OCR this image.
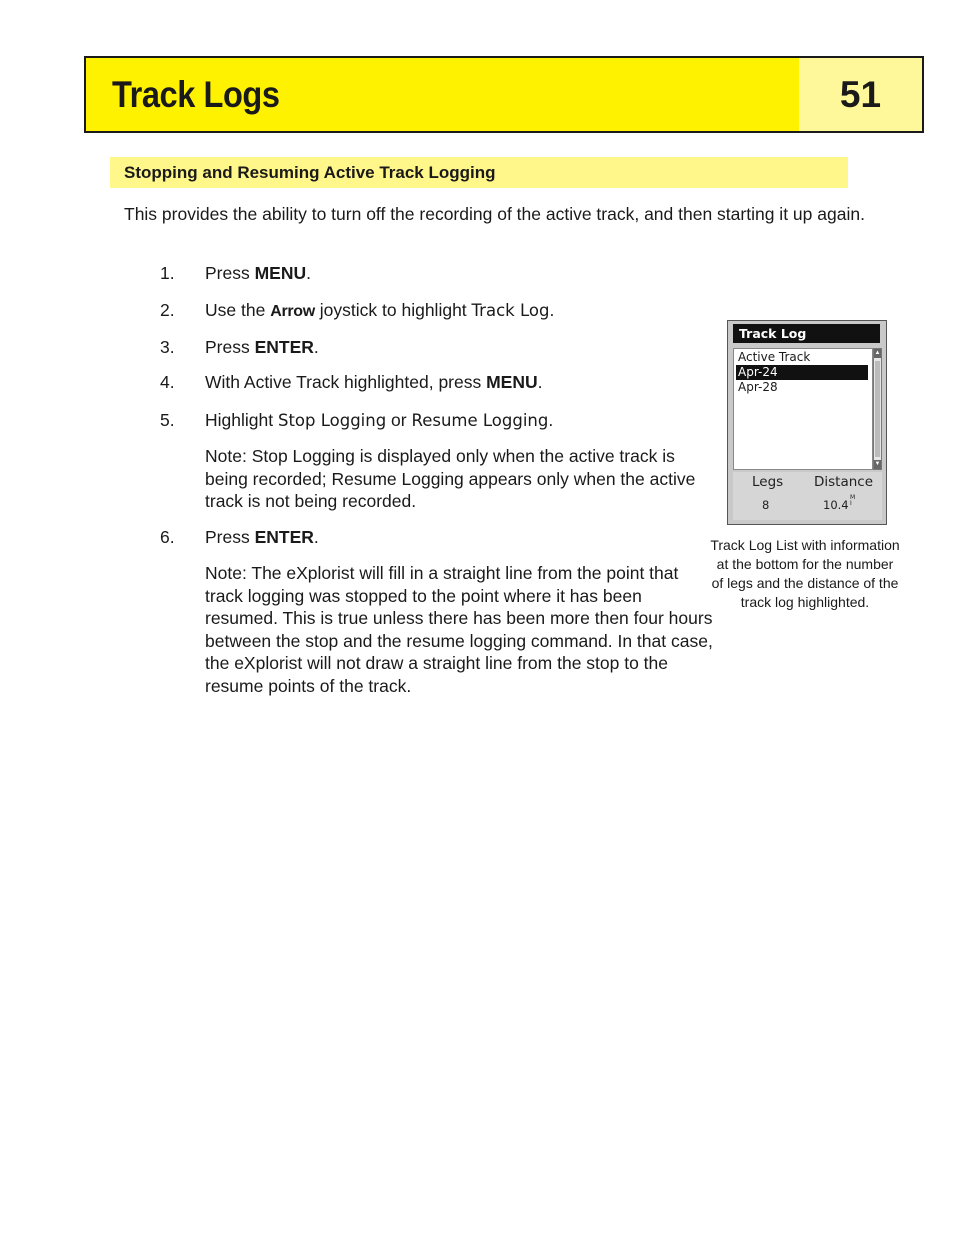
Track Logs	51
Stopping and Resuming Active Track Logging
This provides the ability to turn off the recording of the active track, and then starting it up again.
1.	Press MENU.
2.	Use the Arrow joystick to highlight Track Log.
3.	Press ENTER.
4.	With Active Track highlighted, press MENU.
5.	Highlight Stop Logging or Resume Logging.
Note: Stop Logging is displayed only when the active track is being recorded; Resume Logging appears only when the active track is not being recorded.
6.	Press ENTER.
Note: The eXplorist will fill in a straight line from the point that track logging was stopped to the point where it has been resumed. This is true unless there has been more then four hours between the stop and the resume logging command. In that case, the eXplorist will not draw a straight line from the stop to the resume points of the track.
Track Log
Active Track
Apr-24
Apr-28
▲
▼
Legs Distance
8	10.4
M
I
Track Log List with information at the bottom for the number of legs and the distance of the track log highlighted.
